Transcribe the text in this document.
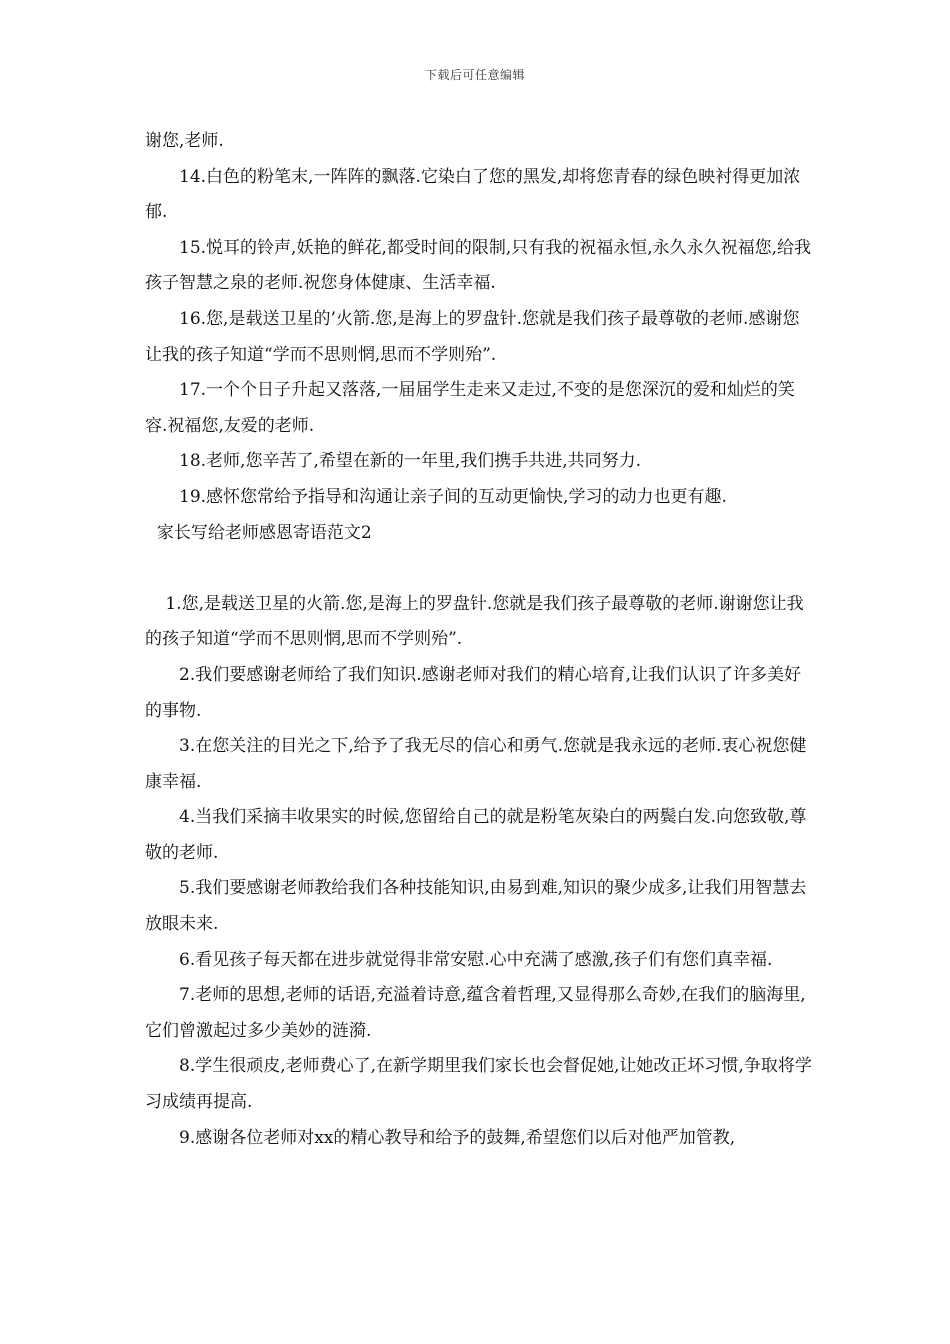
下载后可任意编辑

谢您,老师.

14.白色的粉笔末,一阵阵的飘落.它染白了您的黑发,却将您青春的绿色映衬得更加浓郁.

15.悦耳的铃声,妖艳的鲜花,都受时间的限制,只有我的祝福永恒,永久永久祝福您,给我孩子智慧之泉的老师.祝您身体健康、生活幸福.

16.您,是载送卫星的’火箭.您,是海上的罗盘针.您就是我们孩子最尊敬的老师.感谢您让我的孩子知道“学而不思则惘,思而不学则殆”.

17.一个个日子升起又落落,一届届学生走来又走过,不变的是您深沉的爱和灿烂的笑容.祝福您,友爱的老师.

18.老师,您辛苦了,希望在新的一年里,我们携手共进,共同努力.

19.感怀您常给予指导和沟通让亲子间的互动更愉快,学习的动力也更有趣.

家长写给老师感恩寄语范文2

1.您,是载送卫星的火箭.您,是海上的罗盘针.您就是我们孩子最尊敬的老师.谢谢您让我的孩子知道“学而不思则惘,思而不学则殆”.

2.我们要感谢老师给了我们知识.感谢老师对我们的精心培育,让我们认识了许多美好的事物.

3.在您关注的目光之下,给予了我无尽的信心和勇气.您就是我永远的老师.衷心祝您健康幸福.

4.当我们采摘丰收果实的时候,您留给自己的就是粉笔灰染白的两鬓白发.向您致敬,尊敬的老师.

5.我们要感谢老师教给我们各种技能知识,由易到难,知识的聚少成多,让我们用智慧去放眼未来.

6.看见孩子每天都在进步就觉得非常安慰.心中充满了感激,孩子们有您们真幸福.

7.老师的思想,老师的话语,充溢着诗意,蕴含着哲理,又显得那么奇妙,在我们的脑海里,它们曾激起过多少美妙的涟漪.

8.学生很顽皮,老师费心了,在新学期里我们家长也会督促她,让她改正坏习惯,争取将学习成绩再提高.

9.感谢各位老师对xx的精心教导和给予的鼓舞,希望您们以后对他严加管教,
